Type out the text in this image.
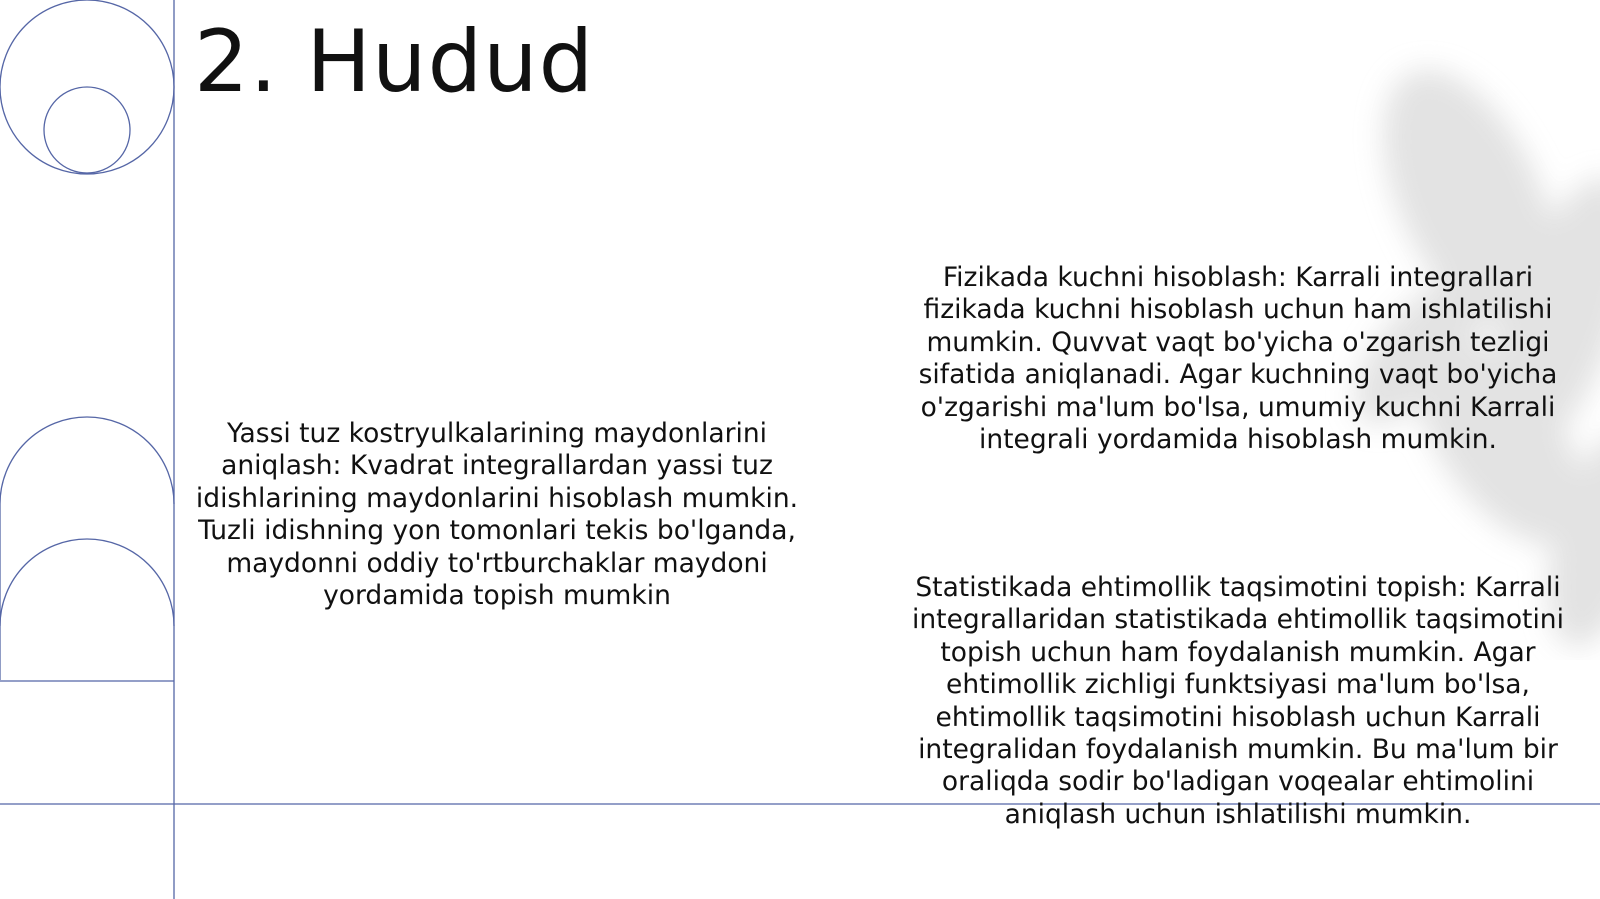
2. Hudud

Yassi tuz kostryulkalarining maydonlarini aniqlash: Kvadrat integrallardan yassi tuz idishlarining maydonlarini hisoblash mumkin. Tuzli idishning yon tomonlari tekis bo'lganda, maydonni oddiy to'rtburchaklar maydoni yordamida topish mumkin

Fizikada kuchni hisoblash: Karrali integrallari fizikada kuchni hisoblash uchun ham ishlatilishi mumkin. Quvvat vaqt bo'yicha o'zgarish tezligi sifatida aniqlanadi. Agar kuchning vaqt bo'yicha o'zgarishi ma'lum bo'lsa, umumiy kuchni Karrali integrali yordamida hisoblash mumkin.

Statistikada ehtimollik taqsimotini topish: Karrali integrallaridan statistikada ehtimollik taqsimotini topish uchun ham foydalanish mumkin. Agar ehtimollik zichligi funktsiyasi ma'lum bo'lsa, ehtimollik taqsimotini hisoblash uchun Karrali integralidan foydalanish mumkin. Bu ma'lum bir oraliqda sodir bo'ladigan voqealar ehtimolini aniqlash uchun ishlatilishi mumkin.
